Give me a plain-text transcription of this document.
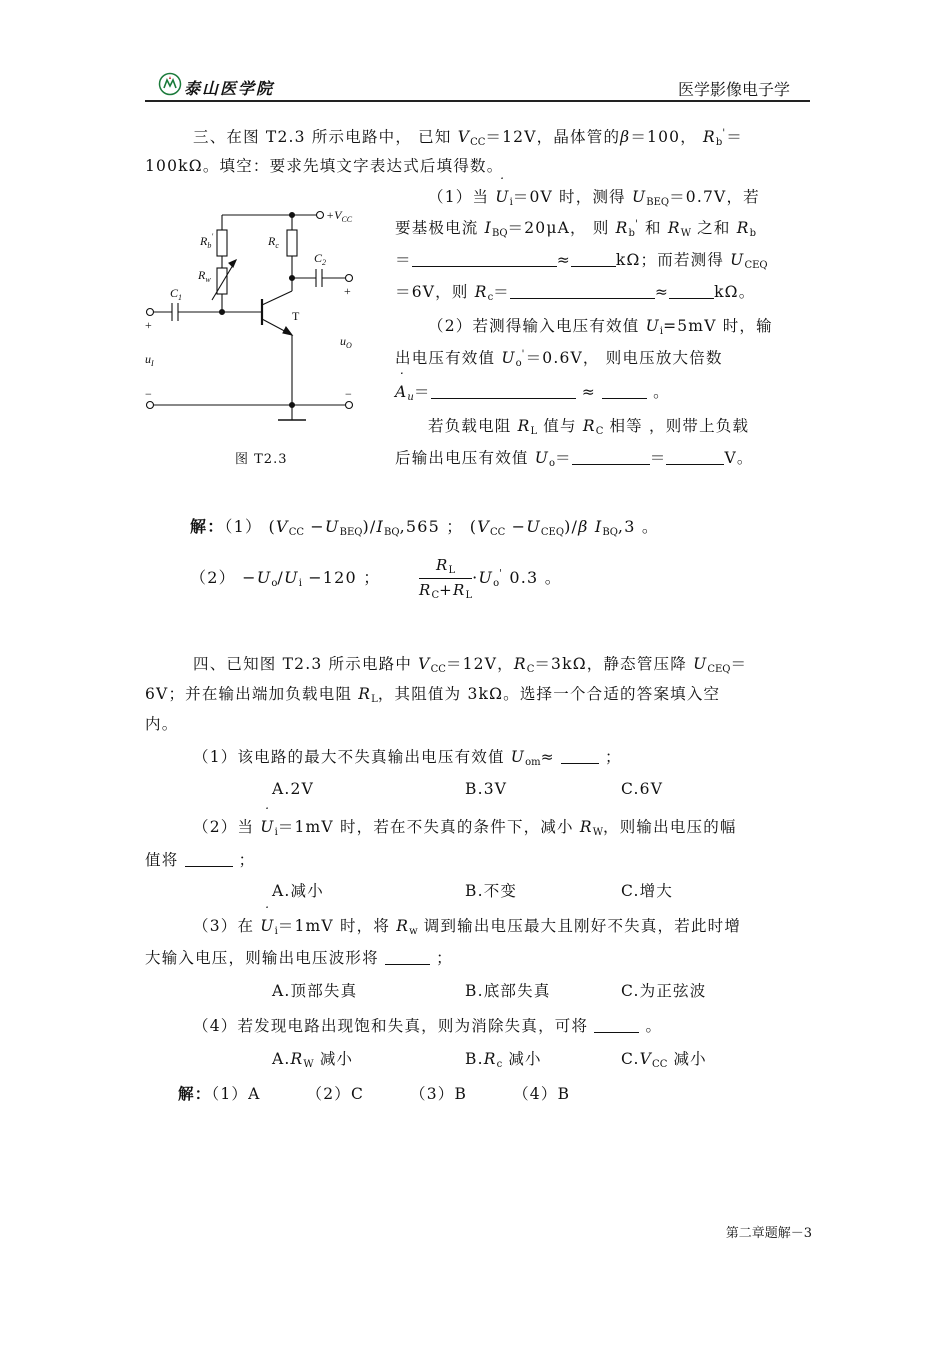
泰山医学院	医学影像电子学
三、在图 T2.3 所示电路中， 已知 $V_{CC}=12V$，晶体管的β＝100， $R_b'=$
100kΩ。填空：要求先填文字表达式后填得数。
（1）当 ˙ $U_i=0V$ 时，测得 $U_{BEQ}=0.7V$，若
要基极电流 $I_{BQ}=20\mu A$， 则 $R_b'$ 和 $R_W$ 之和 $R_b$
＝	≈	kΩ；而若测得 $U_{CEQ}$
＝6V，则 $R_c=$	≈	kΩ。
（2）若测得输入电压有效值 $U_i=5mV$ 时，输
出电压有效值 $U_o'=0.6V$， 则电压放大倍数
˙ $A_u=$	≈	。
若负载电阻 $R_L$ 值与 $R_C$ 相等 ，则带上负载
后输出电压有效值 $U_o=$	＝	V。
$+V_{CC}$
$R_b'$
$R_w$
$R_c$
$C_2$
+
$C_1$
+
T
−	−
$u_I$
$u_O$
图 T2.3
解：（1） $(V_{CC} -U_{BEQ})/I_{BQ},565$ ； $(V_{CC} -U_{CEQ})/\beta$ $I_{BQ},3$ 。
$(2) -U_o/U_i -120$ ；	$\frac{R_L}{R_C+R_L} \cdot U_o'$ 0.3 。
四、已知图 T2.3 所示电路中 $V_{CC}=12V$，$R_C=3k\Omega$，静态管压降 $U_{CEQ}=$
6V；并在输出端加负载电阻 $R_L$，其阻值为 3kΩ。选择一个合适的答案填入空
内。
（1）该电路的最大不失真输出电压有效值 $U_{om}\approx$	；
A.2V	B.3V	C.6V
（2）当 ˙ $U_i=1mV$ 时，若在不失真的条件下，减小 $R_W$，则输出电压的幅
值将	；
A.减小	B.不变	C.增大
（3）在 ˙ $U_i=1mV$ 时，将 $R_w$ 调到输出电压最大且刚好不失真，若此时增
大输入电压，则输出电压波形将	；
A.顶部失真	B.底部失真	C.为正弦波
（4）若发现电路出现饱和失真，则为消除失真，可将	。
$A.R_W$ 减小	$B.R_c$ 减小	$C.V_{CC}$ 减小
解：（1）A	（2）C	（3）B	（4）B
第二章题解－3
